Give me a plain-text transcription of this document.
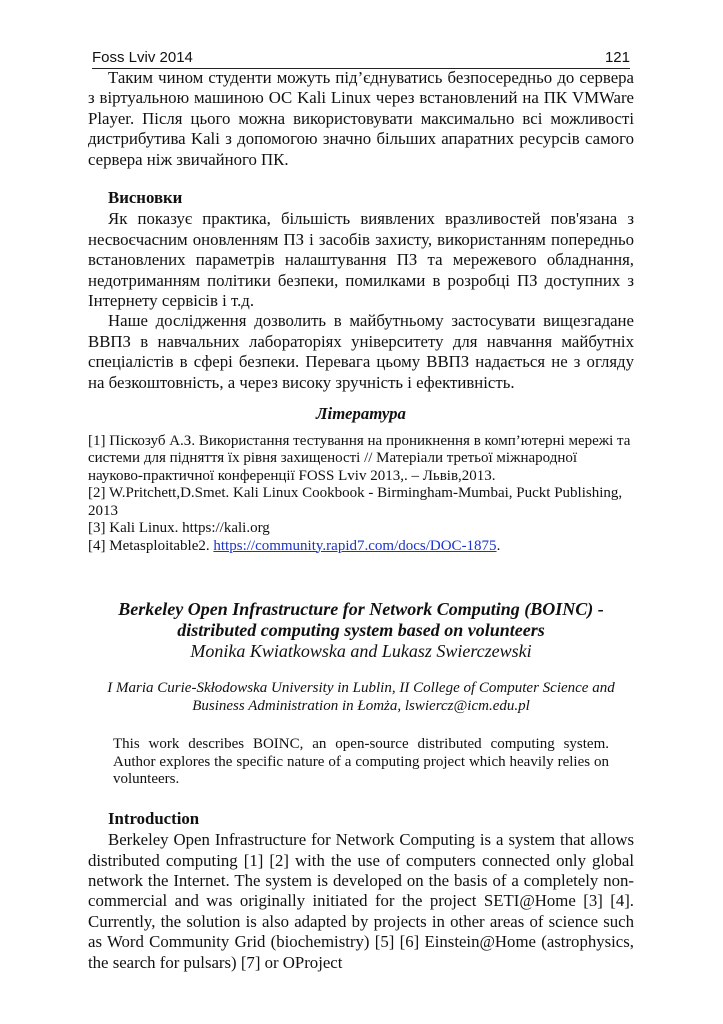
Foss Lviv 2014	121

Таким чином студенти можуть під’єднуватись безпосередньо до сервера з віртуальною машиною ОС Kali Linux через встановлений на ПК VMWare Player. Після цього можна використовувати максимально всі можливості дистрибутива Kali з допомогою значно більших апаратних ресурсів самого сервера ніж звичайного ПК.

Висновки

Як показує практика, більшість виявлених вразливостей пов'язана з несвоєчасним оновленням ПЗ і засобів захисту, використанням попередньо встановлених параметрів налаштування ПЗ та мережевого обладнання, недотриманням політики безпеки, помилками в розробці ПЗ доступних з Інтернету сервісів і т.д.

Наше дослідження дозволить в майбутньому застосувати вищезгадане ВВПЗ в навчальних лабораторіях університету для навчання майбутніх спеціалістів в сфері безпеки. Перевага цьому ВВПЗ надається не з огляду на безкоштовність, а через високу зручність і ефективність.

Література

[1] Піскозуб А.З. Використання тестування на проникнення в комп’ютерні мережі та системи для підняття їх рівня захищеності // Матеріали третьої міжнародної науково-практичної конференції FOSS Lviv 2013,. – Львів,2013.

[2] W.Pritchett,D.Smet. Kali Linux Cookbook - Birmingham-Mumbai, Puckt Publishing, 2013

[3] Kali Linux. https://kali.org

[4] Metasploitable2. https://community.rapid7.com/docs/DOC-1875.

Berkeley Open Infrastructure for Network Computing (BOINC) -
distributed computing system based on volunteers

Monika Kwiatkowska and Lukasz Swierczewski

I Maria Curie-Skłodowska University in Lublin, II College of Computer Science and Business Administration in Łomża, lswiercz@icm.edu.pl

This work describes BOINC, an open-source distributed computing system. Author explores the specific nature of a computing project which heavily relies on volunteers.

Introduction

Berkeley Open Infrastructure for Network Computing is a system that allows distributed computing [1] [2] with the use of computers connected only global network the Internet. The system is developed on the basis of a completely non-commercial and was originally initiated for the project SETI@Home [3] [4]. Currently, the solution is also adapted by projects in other areas of science such as Word Community Grid (biochemistry) [5] [6] Einstein@Home (astrophysics, the search for pulsars) [7] or OProject
